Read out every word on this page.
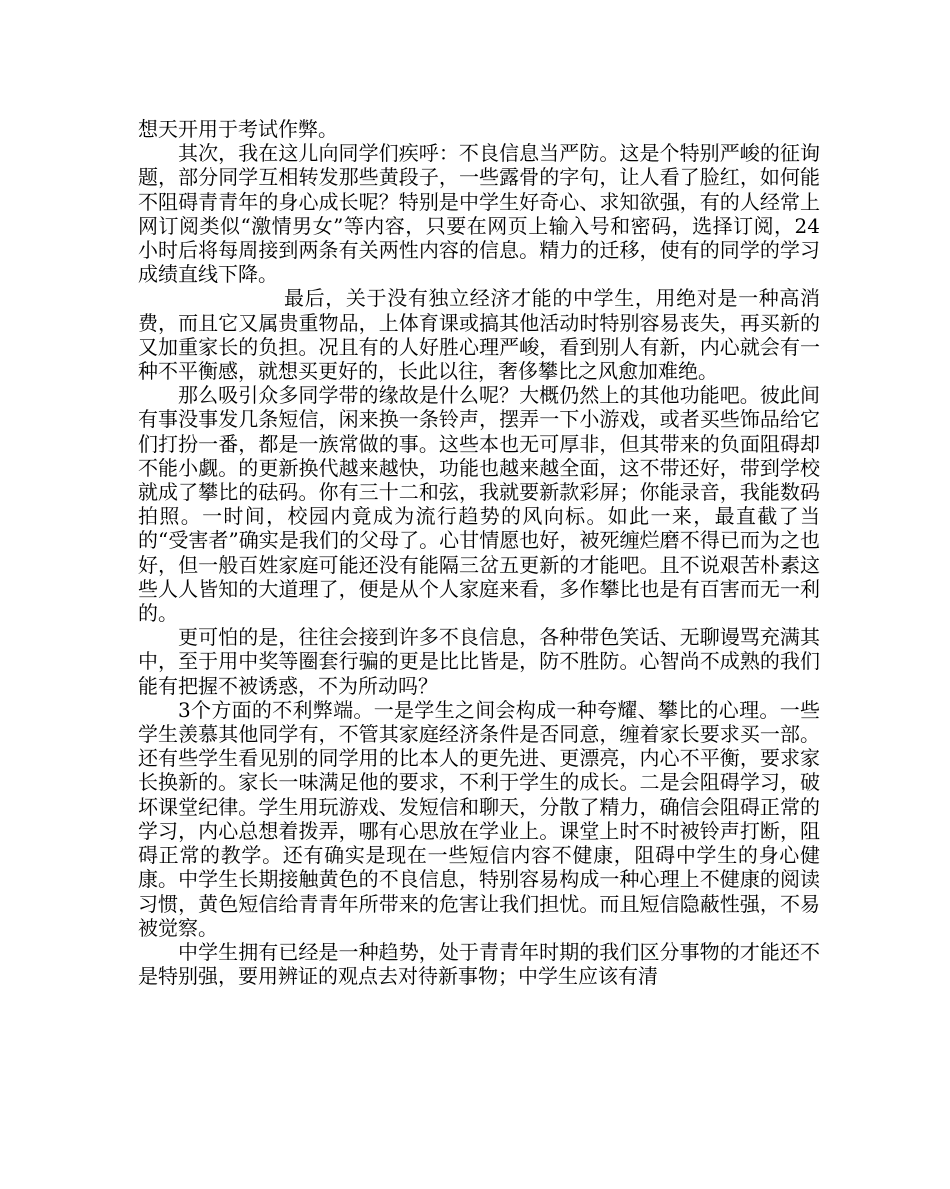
想天开用于考试作弊。

其次，我在这儿向同学们疾呼：不良信息当严防。这是个特别严峻的征询题，部分同学互相转发那些黄段子，一些露骨的字句，让人看了脸红，如何能不阻碍青青年的身心成长呢？特别是中学生好奇心、求知欲强，有的人经常上网订阅类似“激情男女”等内容，只要在网页上输入号和密码，选择订阅，24小时后将每周接到两条有关两性内容的信息。精力的迁移，使有的同学的学习成绩直线下降。

最后，关于没有独立经济才能的中学生，用绝对是一种高消费，而且它又属贵重物品，上体育课或搞其他活动时特别容易丧失，再买新的又加重家长的负担。况且有的人好胜心理严峻，看到别人有新，内心就会有一种不平衡感，就想买更好的，长此以往，奢侈攀比之风愈加难绝。

那么吸引众多同学带的缘故是什么呢？大概仍然上的其他功能吧。彼此间有事没事发几条短信，闲来换一条铃声，摆弄一下小游戏，或者买些饰品给它们打扮一番，都是一族常做的事。这些本也无可厚非，但其带来的负面阻碍却不能小觑。的更新换代越来越快，功能也越来越全面，这不带还好，带到学校就成了攀比的砝码。你有三十二和弦，我就要新款彩屏；你能录音，我能数码拍照。一时间，校园内竟成为流行趋势的风向标。如此一来，最直截了当的“受害者”确实是我们的父母了。心甘情愿也好，被死缠烂磨不得已而为之也好，但一般百姓家庭可能还没有能隔三岔五更新的才能吧。且不说艰苦朴素这些人人皆知的大道理了，便是从个人家庭来看，多作攀比也是有百害而无一利的。

更可怕的是，往往会接到许多不良信息，各种带色笑话、无聊谩骂充满其中，至于用中奖等圈套行骗的更是比比皆是，防不胜防。心智尚不成熟的我们能有把握不被诱惑，不为所动吗？

3个方面的不利弊端。一是学生之间会构成一种夸耀、攀比的心理。一些学生羡慕其他同学有，不管其家庭经济条件是否同意，缠着家长要求买一部。还有些学生看见别的同学用的比本人的更先进、更漂亮，内心不平衡，要求家长换新的。家长一味满足他的要求，不利于学生的成长。二是会阻碍学习，破坏课堂纪律。学生用玩游戏、发短信和聊天，分散了精力，确信会阻碍正常的学习，内心总想着拨弄，哪有心思放在学业上。课堂上时不时被铃声打断，阻碍正常的教学。还有确实是现在一些短信内容不健康，阻碍中学生的身心健康。中学生长期接触黄色的不良信息，特别容易构成一种心理上不健康的阅读习惯，黄色短信给青青年所带来的危害让我们担忧。而且短信隐蔽性强，不易被觉察。

中学生拥有已经是一种趋势，处于青青年时期的我们区分事物的才能还不是特别强，要用辨证的观点去对待新事物；中学生应该有清
